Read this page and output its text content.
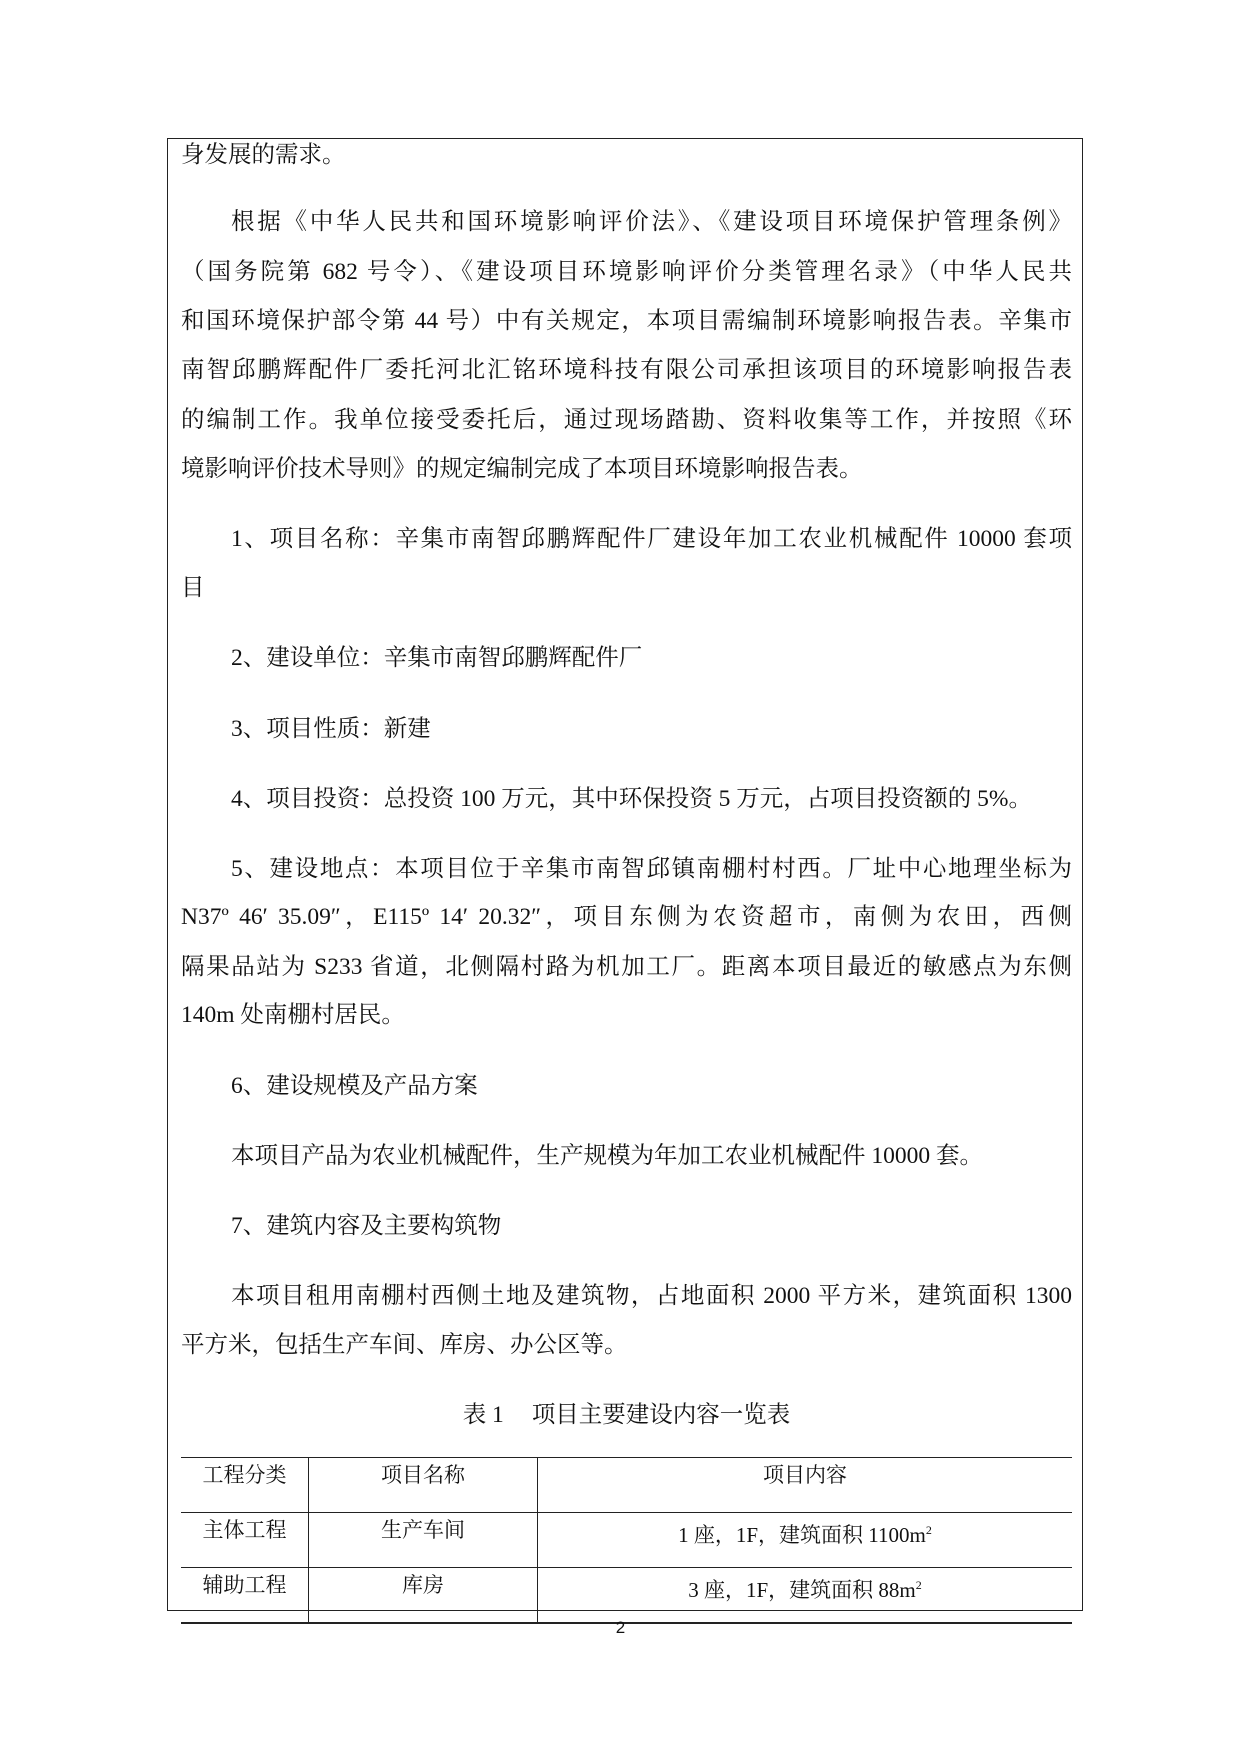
身发展的需求。
根据《中华人民共和国环境影响评价法》、《建设项目环境保护管理条例》
（国务院第 682 号令）、《建设项目环境影响评价分类管理名录》（中华人民共
和国环境保护部令第 44 号）中有关规定，本项目需编制环境影响报告表。辛集市
南智邱鹏辉配件厂委托河北汇铭环境科技有限公司承担该项目的环境影响报告表
的编制工作。我单位接受委托后，通过现场踏勘、资料收集等工作，并按照《环
境影响评价技术导则》的规定编制完成了本项目环境影响报告表。
1、项目名称：辛集市南智邱鹏辉配件厂建设年加工农业机械配件 10000 套项
目
2、建设单位：辛集市南智邱鹏辉配件厂
3、项目性质：新建
4、项目投资：总投资 100 万元，其中环保投资 5 万元，占项目投资额的 5%。
5、建设地点：本项目位于辛集市南智邱镇南棚村村西。厂址中心地理坐标为
N37º 46′ 35.09″，E115º 14′ 20.32″，项目东侧为农资超市，南侧为农田，西侧
隔果品站为 S233 省道，北侧隔村路为机加工厂。距离本项目最近的敏感点为东侧
140m 处南棚村居民。
6、建设规模及产品方案
本项目产品为农业机械配件，生产规模为年加工农业机械配件 10000 套。
7、建筑内容及主要构筑物
本项目租用南棚村西侧土地及建筑物，占地面积 2000 平方米，建筑面积 1300
平方米，包括生产车间、库房、办公区等。
表 1 项目主要建设内容一览表
工程分类	项目名称	项目内容
主体工程	生产车间	1 座，1F，建筑面积 $1100m^2$
辅助工程	库房	3 座，1F，建筑面积 $88m^2$
2
